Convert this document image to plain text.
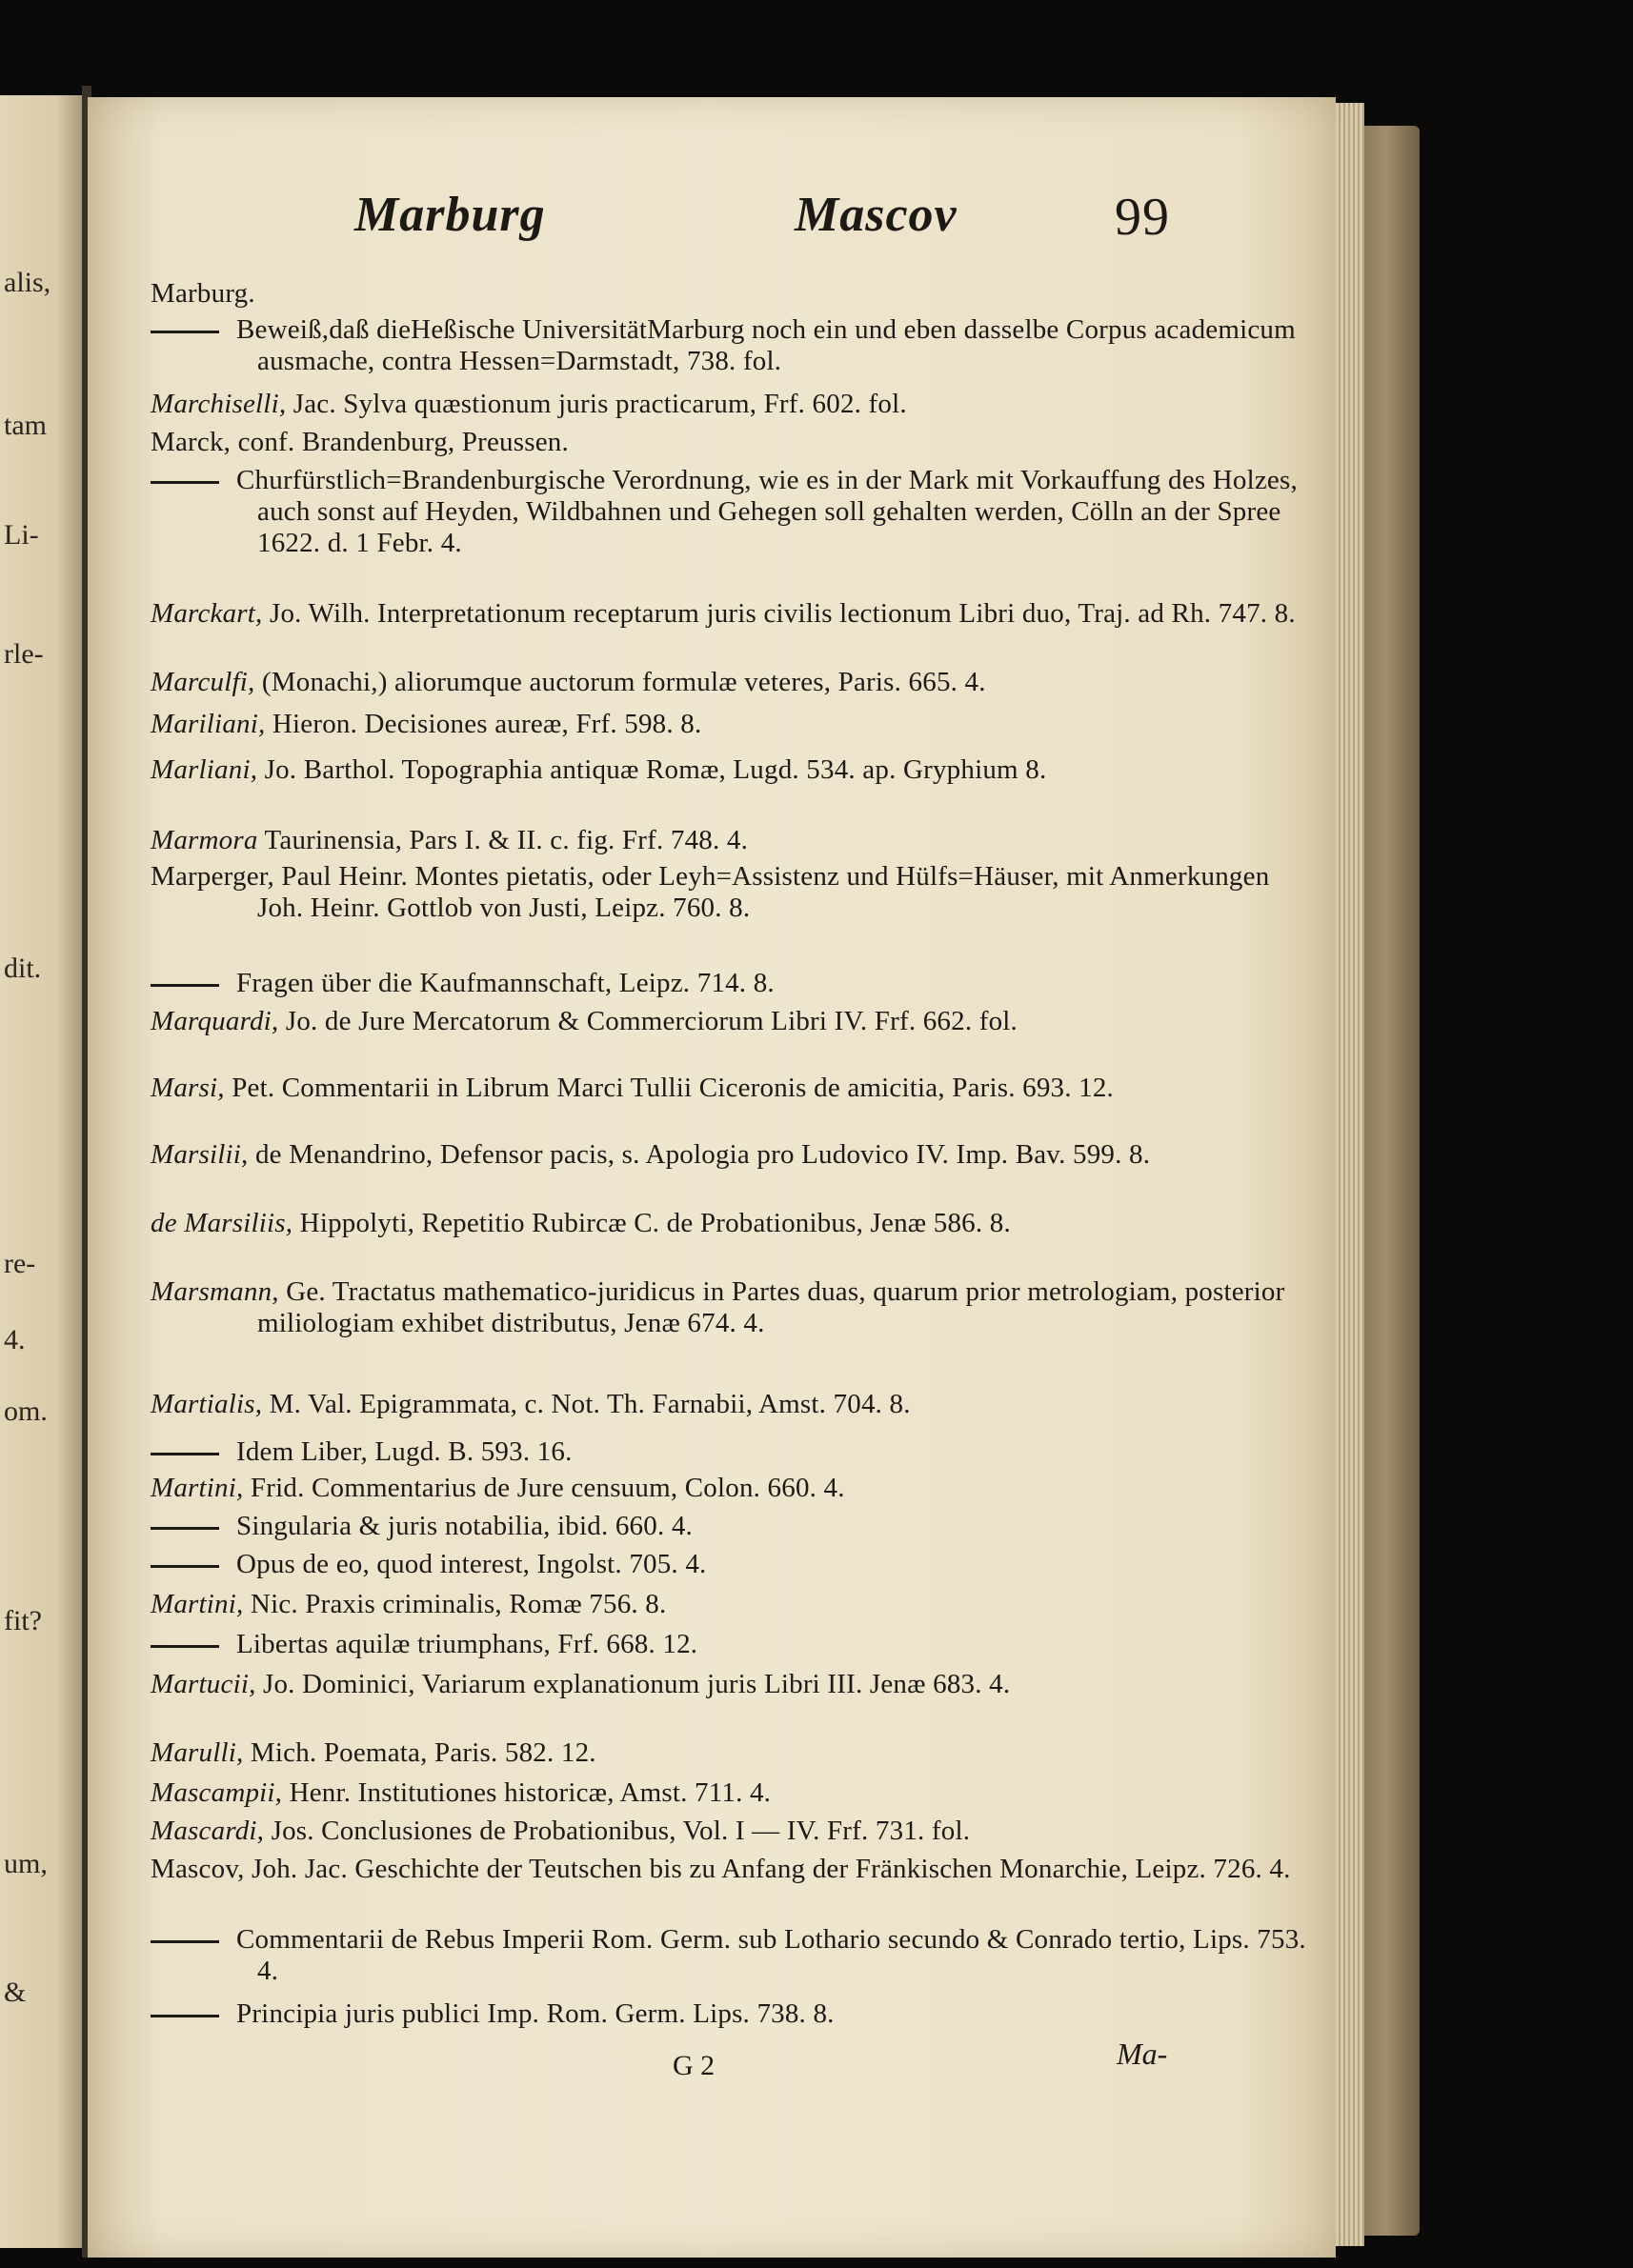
alis,
tam
Li-
rle-
dit.
re-
4.
om.
fit?
um,
&
Marburg	Mascov	99
Marburg.
Beweiß,daß dieHeßische UniversitätMarburg noch ein und eben dasselbe Corpus academicum ausmache, contra Hessen=Darmstadt, 738. fol.
Marchiselli, Jac. Sylva quæstionum juris practicarum, Frf. 602. fol.
Marck, conf. Brandenburg, Preussen.
Churfürstlich=Brandenburgische Verordnung, wie es in der Mark mit Vorkauffung des Holzes, auch sonst auf Heyden, Wildbahnen und Gehegen soll gehalten werden, Cölln an der Spree 1622. d. 1 Febr. 4.
Marckart, Jo. Wilh. Interpretationum receptarum juris civilis lectionum Libri duo, Traj. ad Rh. 747. 8.
Marculfi, (Monachi,) aliorumque auctorum formulæ veteres, Paris. 665. 4.
Mariliani, Hieron. Decisiones aureæ, Frf. 598. 8.
Marliani, Jo. Barthol. Topographia antiquæ Romæ, Lugd. 534. ap. Gryphium 8.
Marmora Taurinensia, Pars I. & II. c. fig. Frf. 748. 4.
Marperger, Paul Heinr. Montes pietatis, oder Leyh=Assistenz und Hülfs=Häuser, mit Anmerkungen Joh. Heinr. Gottlob von Justi, Leipz. 760. 8.
Fragen über die Kaufmannschaft, Leipz. 714. 8.
Marquardi, Jo. de Jure Mercatorum & Commerciorum Libri IV. Frf. 662. fol.
Marsi, Pet. Commentarii in Librum Marci Tullii Ciceronis de amicitia, Paris. 693. 12.
Marsilii, de Menandrino, Defensor pacis, s. Apologia pro Ludovico IV. Imp. Bav. 599. 8.
de Marsiliis, Hippolyti, Repetitio Rubircæ C. de Probationibus, Jenæ 586. 8.
Marsmann, Ge. Tractatus mathematico-juridicus in Partes duas, quarum prior metrologiam, posterior miliologiam exhibet distributus, Jenæ 674. 4.
Martialis, M. Val. Epigrammata, c. Not. Th. Farnabii, Amst. 704. 8.
Idem Liber, Lugd. B. 593. 16.
Martini, Frid. Commentarius de Jure censuum, Colon. 660. 4.
Singularia & juris notabilia, ibid. 660. 4.
Opus de eo, quod interest, Ingolst. 705. 4.
Martini, Nic. Praxis criminalis, Romæ 756. 8.
Libertas aquilæ triumphans, Frf. 668. 12.
Martucii, Jo. Dominici, Variarum explanationum juris Libri III. Jenæ 683. 4.
Marulli, Mich. Poemata, Paris. 582. 12.
Mascampii, Henr. Institutiones historicæ, Amst. 711. 4.
Mascardi, Jos. Conclusiones de Probationibus, Vol. I — IV. Frf. 731. fol.
Mascov, Joh. Jac. Geschichte der Teutschen bis zu Anfang der Fränkischen Monarchie, Leipz. 726. 4.
Commentarii de Rebus Imperii Rom. Germ. sub Lothario secundo & Conrado tertio, Lips. 753. 4.
Principia juris publici Imp. Rom. Germ. Lips. 738. 8.
G 2	Ma-
